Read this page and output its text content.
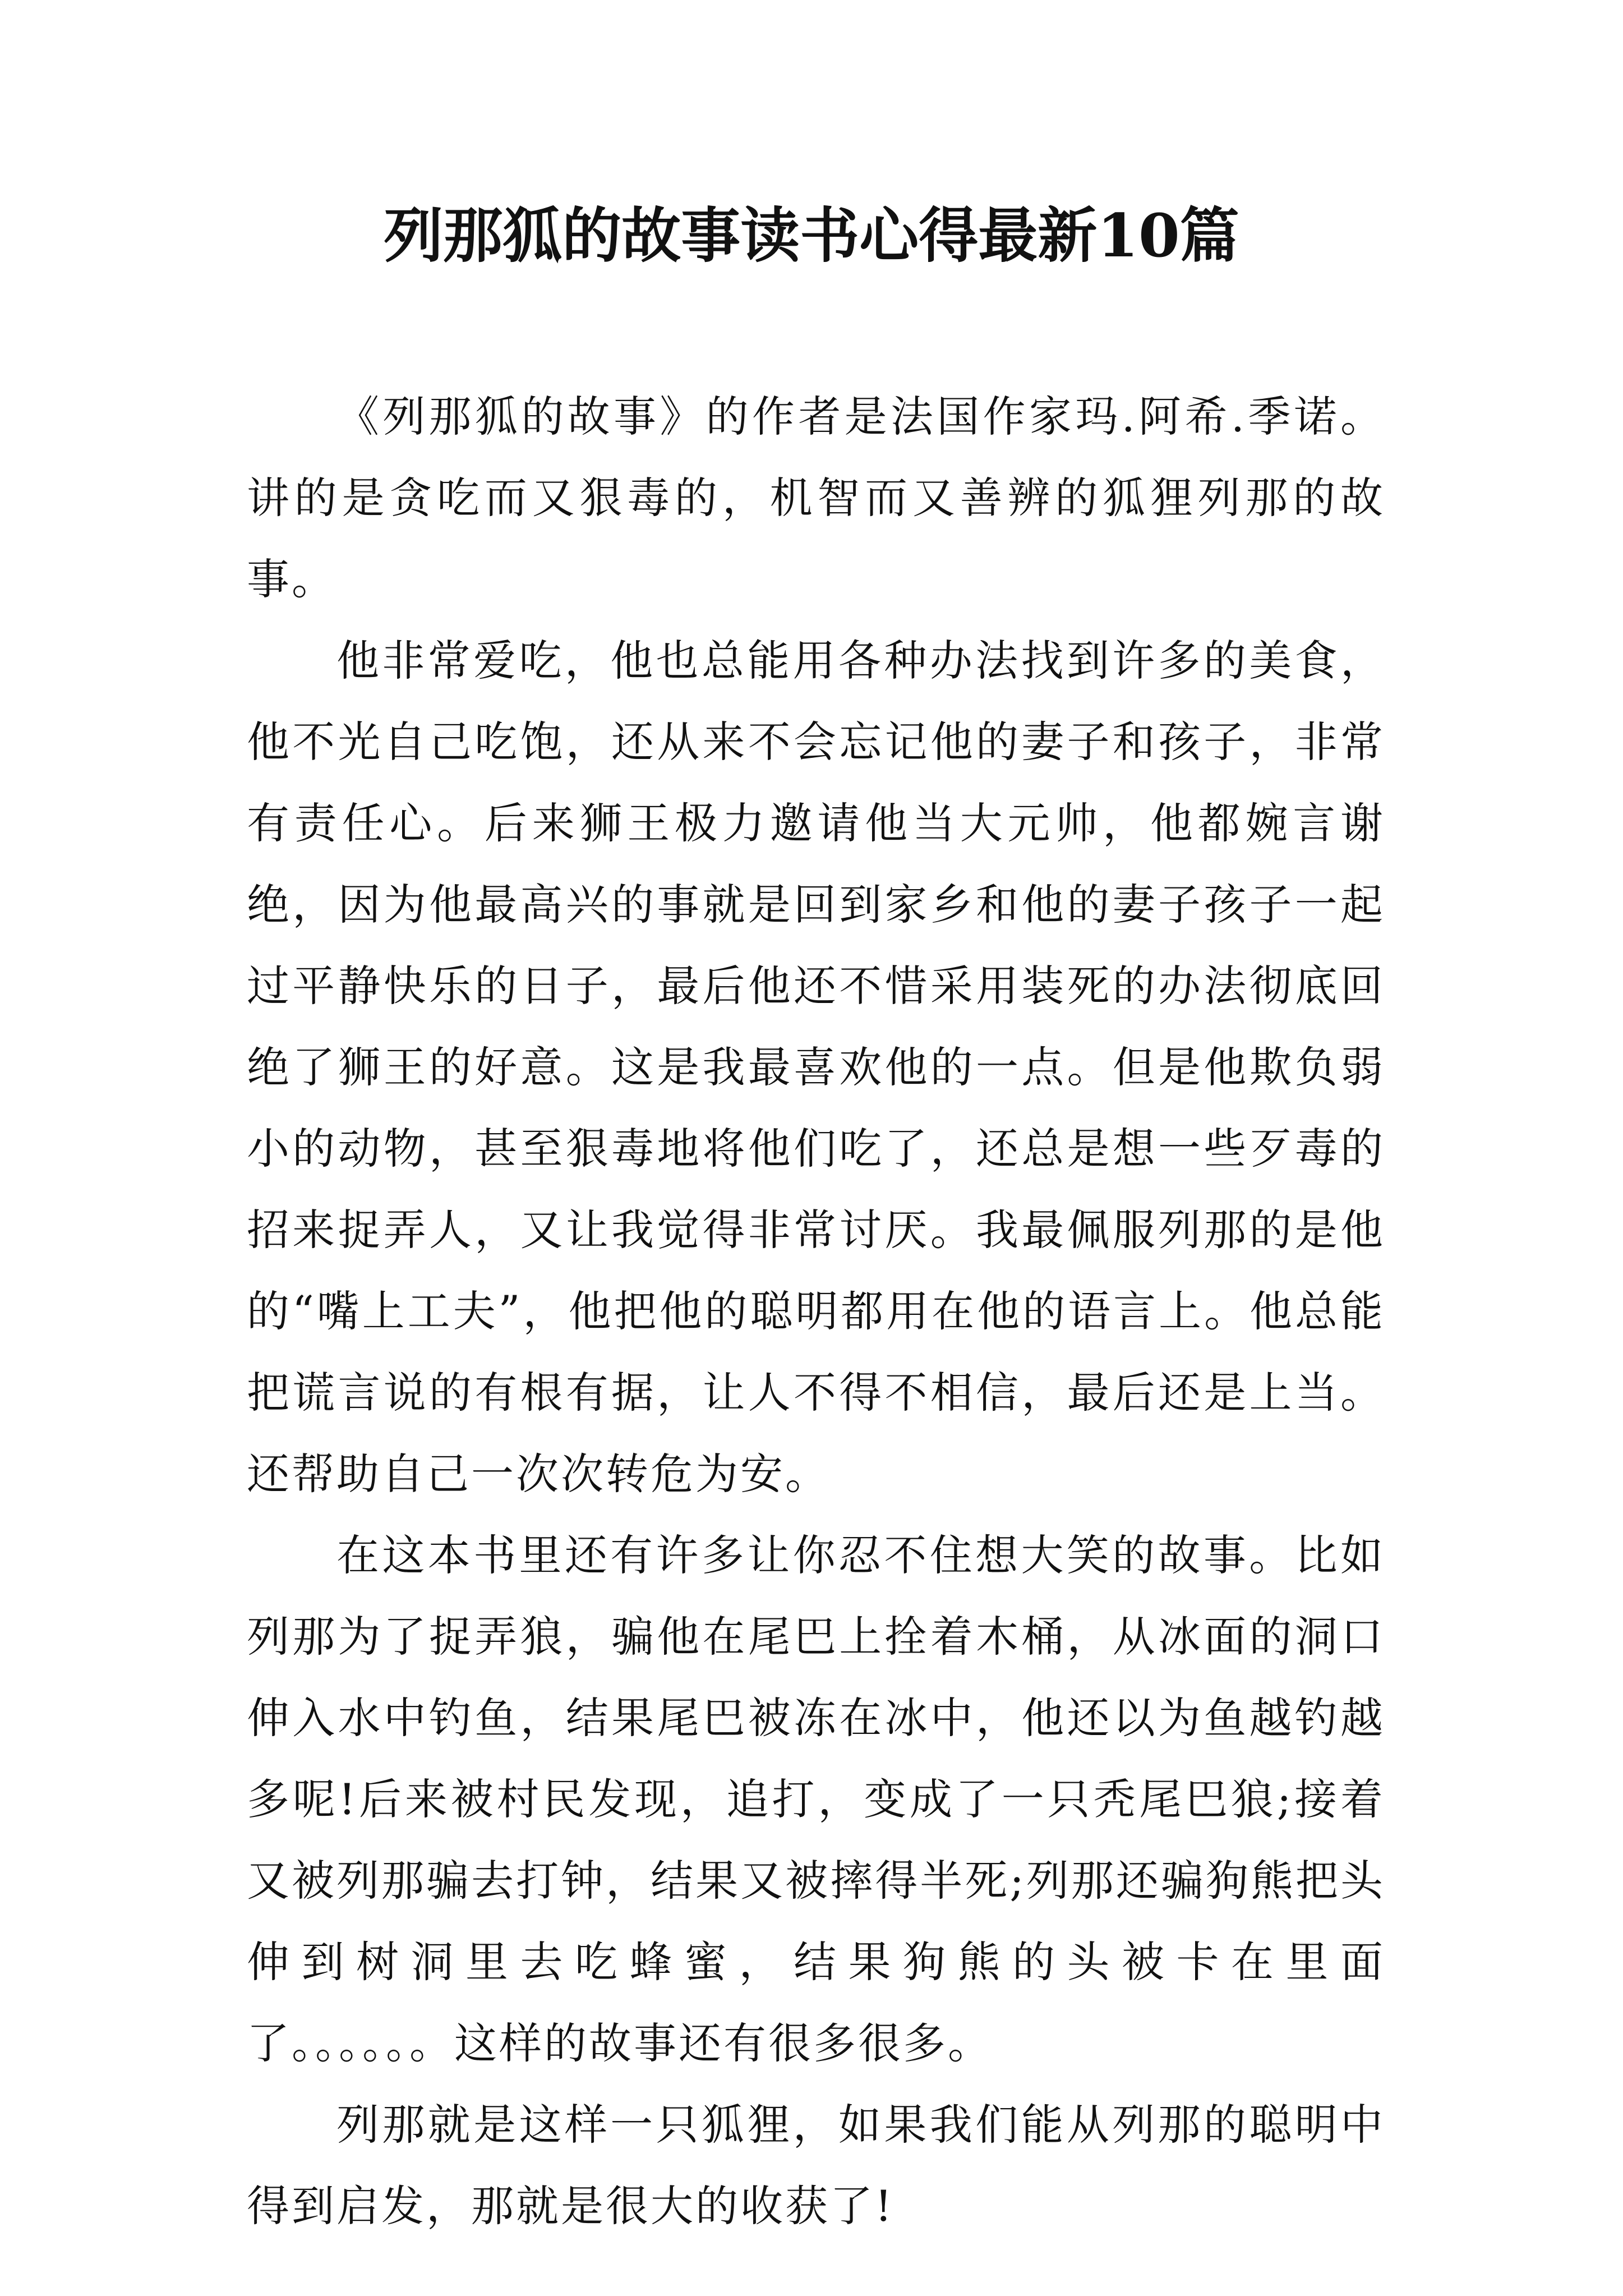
列那狐的故事读书心得最新10篇

《列那狐的故事》的作者是法国作家玛.阿希.季诺。讲的是贪吃而又狠毒的，机智而又善辨的狐狸列那的故事。

他非常爱吃，他也总能用各种办法找到许多的美食，他不光自己吃饱，还从来不会忘记他的妻子和孩子，非常有责任心。后来狮王极力邀请他当大元帅，他都婉言谢绝，因为他最高兴的事就是回到家乡和他的妻子孩子一起过平静快乐的日子，最后他还不惜采用装死的办法彻底回绝了狮王的好意。这是我最喜欢他的一点。但是他欺负弱小的动物，甚至狠毒地将他们吃了，还总是想一些歹毒的招来捉弄人，又让我觉得非常讨厌。我最佩服列那的是他的“嘴上工夫”，他把他的聪明都用在他的语言上。他总能把谎言说的有根有据，让人不得不相信，最后还是上当。还帮助自己一次次转危为安。

在这本书里还有许多让你忍不住想大笑的故事。比如列那为了捉弄狼，骗他在尾巴上拴着木桶，从冰面的洞口伸入水中钓鱼，结果尾巴被冻在冰中，他还以为鱼越钓越多呢!后来被村民发现，追打，变成了一只秃尾巴狼;接着又被列那骗去打钟，结果又被摔得半死;列那还骗狗熊把头伸到树洞里去吃蜂蜜，结果狗熊的头被卡在里面了。。。。。。这样的故事还有很多很多。

列那就是这样一只狐狸，如果我们能从列那的聪明中得到启发，那就是很大的收获了!
